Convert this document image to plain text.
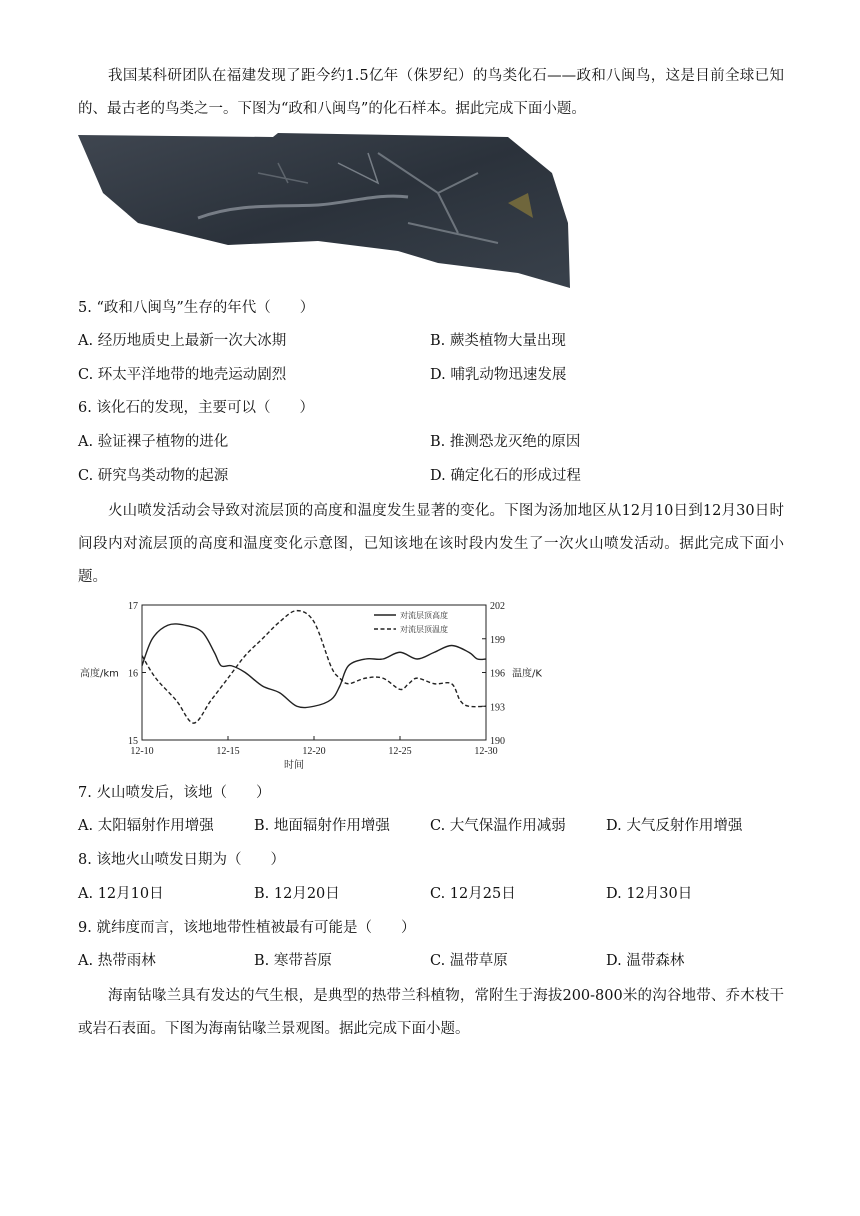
我国某科研团队在福建发现了距今约1.5亿年（侏罗纪）的鸟类化石——政和八闽鸟，这是目前全球已知的、最古老的鸟类之一。下图为“政和八闽鸟”的化石样本。据此完成下面小题。
5. “政和八闽鸟”生存的年代（　　）
A. 经历地质史上最新一次大冰期	B. 蕨类植物大量出现
C. 环太平洋地带的地壳运动剧烈	D. 哺乳动物迅速发展
6. 该化石的发现，主要可以（　　）
A. 验证裸子植物的进化	B. 推测恐龙灭绝的原因
C. 研究鸟类动物的起源	D. 确定化石的形成过程
火山喷发活动会导致对流层顶的高度和温度发生显著的变化。下图为汤加地区从12月10日到12月30日时间段内对流层顶的高度和温度变化示意图，已知该地在该时段内发生了一次火山喷发活动。据此完成下面小题。
12-10	12-15	12-20	12-25	12-30
时间
17
16
15
高度/km
202
199
196
193
190
温度/K
对流层顶高度
对流层顶温度
7. 火山喷发后，该地（　　）
A. 太阳辐射作用增强	B. 地面辐射作用增强	C. 大气保温作用减弱	D. 大气反射作用增强
8. 该地火山喷发日期为（　　）
A. 12月10日	B. 12月20日	C. 12月25日	D. 12月30日
9. 就纬度而言，该地地带性植被最有可能是（　　）
A. 热带雨林	B. 寒带苔原	C. 温带草原	D. 温带森林
海南钻喙兰具有发达的气生根，是典型的热带兰科植物，常附生于海拔200-800米的沟谷地带、乔木枝干或岩石表面。下图为海南钻喙兰景观图。据此完成下面小题。
